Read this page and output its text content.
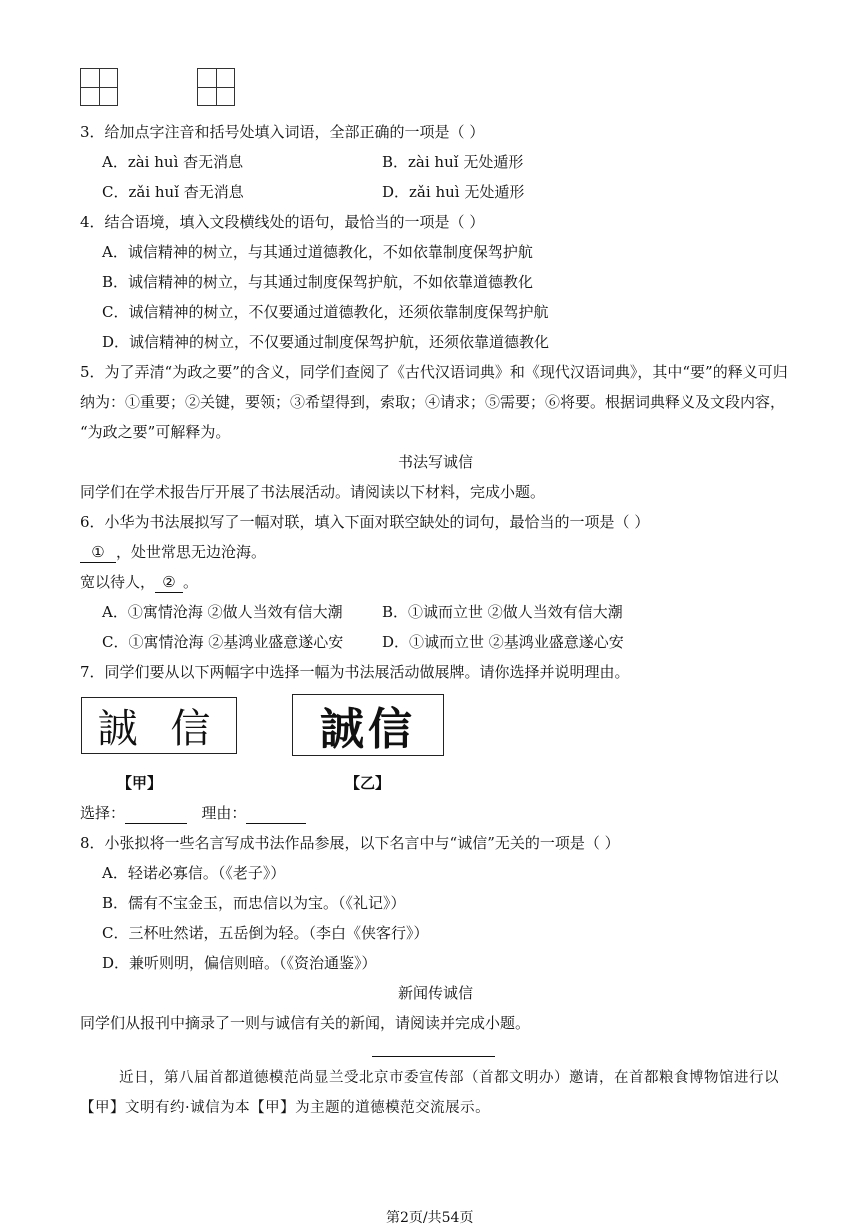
3．给加点字注音和括号处填入词语，全部正确的一项是（ ）
A．zài huì 杳无消息	B．zài huǐ 无处遁形
C．zǎi huǐ 杳无消息	D．zǎi huì 无处遁形
4．结合语境，填入文段横线处的语句，最恰当的一项是（ ）
A．诚信精神的树立，与其通过道德教化，不如依靠制度保驾护航
B．诚信精神的树立，与其通过制度保驾护航，不如依靠道德教化
C．诚信精神的树立，不仅要通过道德教化，还须依靠制度保驾护航
D．诚信精神的树立，不仅要通过制度保驾护航，还须依靠道德教化
5．为了弄清“为政之要”的含义，同学们查阅了《古代汉语词典》和《现代汉语词典》，其中“要”的释义可归
纳为：①重要；②关键，要领；③希望得到，索取；④请求；⑤需要；⑥将要。根据词典释义及文段内容，
“为政之要”可解释为。
书法写诚信
同学们在学术报告厅开展了书法展活动。请阅读以下材料，完成小题。
6．小华为书法展拟写了一幅对联，填入下面对联空缺处的词句，最恰当的一项是（ ）
① ，处世常思无边沧海。
宽以待人， ② 。
A．①寓情沧海 ②做人当效有信大潮	B．①诚而立世 ②做人当效有信大潮
C．①寓情沧海 ②基鸿业盛意遂心安	D．①诚而立世 ②基鸿业盛意遂心安
7．同学们要从以下两幅字中选择一幅为书法展活动做展牌。请你选择并说明理由。
誠 信 誠信
【甲】	【乙】
选择：	理由：
8．小张拟将一些名言写成书法作品参展，以下名言中与“诚信”无关的一项是（ ）
A．轻诺必寡信。（《老子》）
B．儒有不宝金玉，而忠信以为宝。（《礼记》）
C．三杯吐然诺，五岳倒为轻。（李白《侠客行》）
D．兼听则明，偏信则暗。（《资治通鉴》）
新闻传诚信
同学们从报刊中摘录了一则与诚信有关的新闻，请阅读并完成小题。
近日，第八届首都道德模范尚显兰受北京市委宣传部（首都文明办）邀请，在首都粮食博物馆进行以
【甲】文明有约·诚信为本【甲】为主题的道德模范交流展示。
第2页/共54页
